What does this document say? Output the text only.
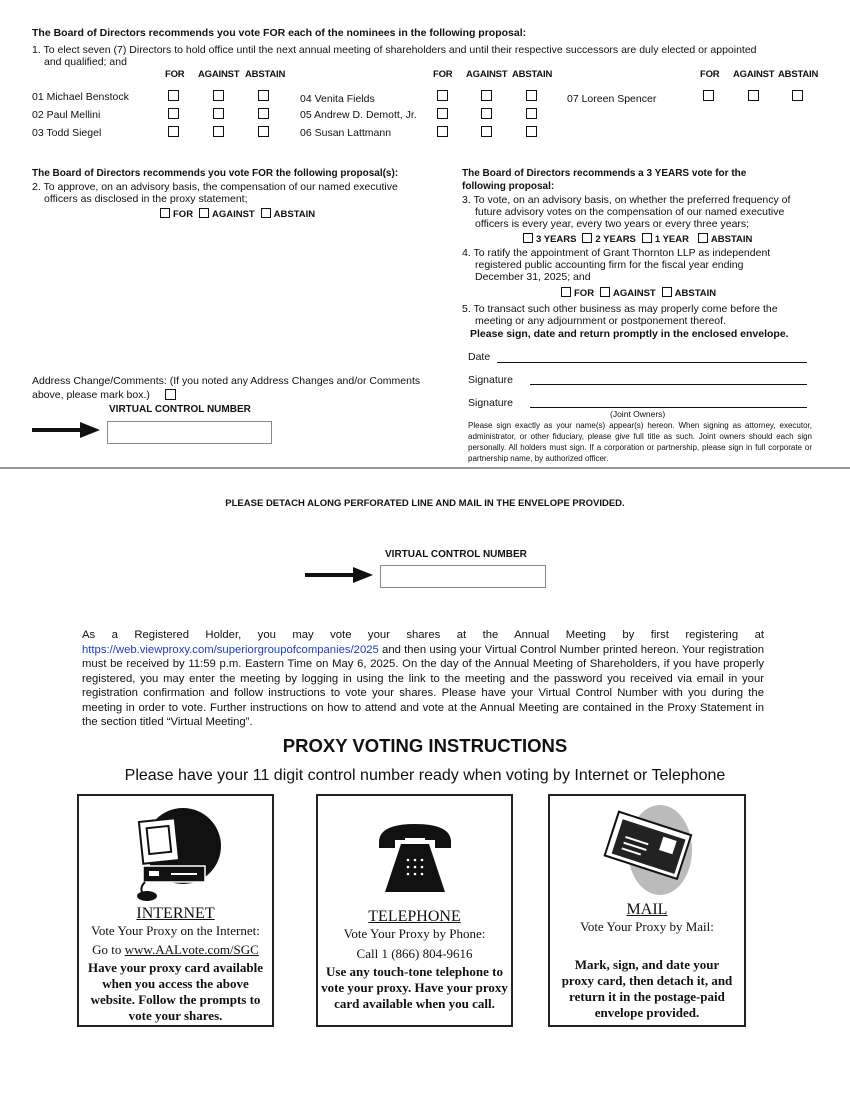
The Board of Directors recommends you vote FOR each of the nominees in the following proposal:
1. To elect seven (7) Directors to hold office until the next annual meeting of shareholders and until their respective successors are duly elected or appointed
and qualified; and
FOR AGAINST ABSTAIN
01 Michael Benstock
02 Paul Mellini
03 Todd Siegel
FOR AGAINST ABSTAIN
04 Venita Fields
05 Andrew D. Demott, Jr.
06 Susan Lattmann
FOR AGAINST ABSTAIN
07 Loreen Spencer
The Board of Directors recommends you vote FOR the following proposal(s):
2. To approve, on an advisory basis, the compensation of our named executive
officers as disclosed in the proxy statement;
FOR AGAINST ABSTAIN
The Board of Directors recommends a 3 YEARS vote for the
following proposal:
3. To vote, on an advisory basis, on whether the preferred frequency of
future advisory votes on the compensation of our named executive
officers is every year, every two years or every three years;
3 YEARS 2 YEARS 1 YEAR ABSTAIN
4. To ratify the appointment of Grant Thornton LLP as independent
registered public accounting firm for the fiscal year ending
December 31, 2025; and
FOR AGAINST ABSTAIN
5. To transact such other business as may properly come before the
meeting or any adjournment or postponement thereof.
Please sign, date and return promptly in the enclosed envelope.
Date
Signature
Signature
(Joint Owners)
Please sign exactly as your name(s) appear(s) hereon. When signing as attorney, executor, administrator, or other fiduciary, please give full title as such. Joint owners should each sign personally. All holders must sign. If a corporation or partnership, please sign in full corporate or partnership name, by authorized officer.
Address Change/Comments: (If you noted any Address Changes and/or Comments
above, please mark box.)
VIRTUAL CONTROL NUMBER
PLEASE DETACH ALONG PERFORATED LINE AND MAIL IN THE ENVELOPE PROVIDED.
VIRTUAL CONTROL NUMBER
As a Registered Holder, you may vote your shares at the Annual Meeting by first registering at https://web.viewproxy.com/superiorgroupofcompanies/2025 and then using your Virtual Control Number printed hereon. Your registration must be received by 11:59 p.m. Eastern Time on May 6, 2025. On the day of the Annual Meeting of Shareholders, if you have properly registered, you may enter the meeting by logging in using the link to the meeting and the password you received via email in your registration confirmation and follow instructions to vote your shares. Please have your Virtual Control Number with you during the meeting in order to vote. Further instructions on how to attend and vote at the Annual Meeting are contained in the Proxy Statement in the section titled “Virtual Meeting”.
PROXY VOTING INSTRUCTIONS
Please have your 11 digit control number ready when voting by Internet or Telephone
INTERNET
Vote Your Proxy on the Internet:
Go to www.AALvote.com/SGC
Have your proxy card available when you access the above website. Follow the prompts to vote your shares.
TELEPHONE
Vote Your Proxy by Phone:
Call 1 (866) 804-9616
Use any touch-tone telephone to vote your proxy. Have your proxy card available when you call.
MAIL
Vote Your Proxy by Mail:
Mark, sign, and date your proxy card, then detach it, and return it in the postage-paid envelope provided.
